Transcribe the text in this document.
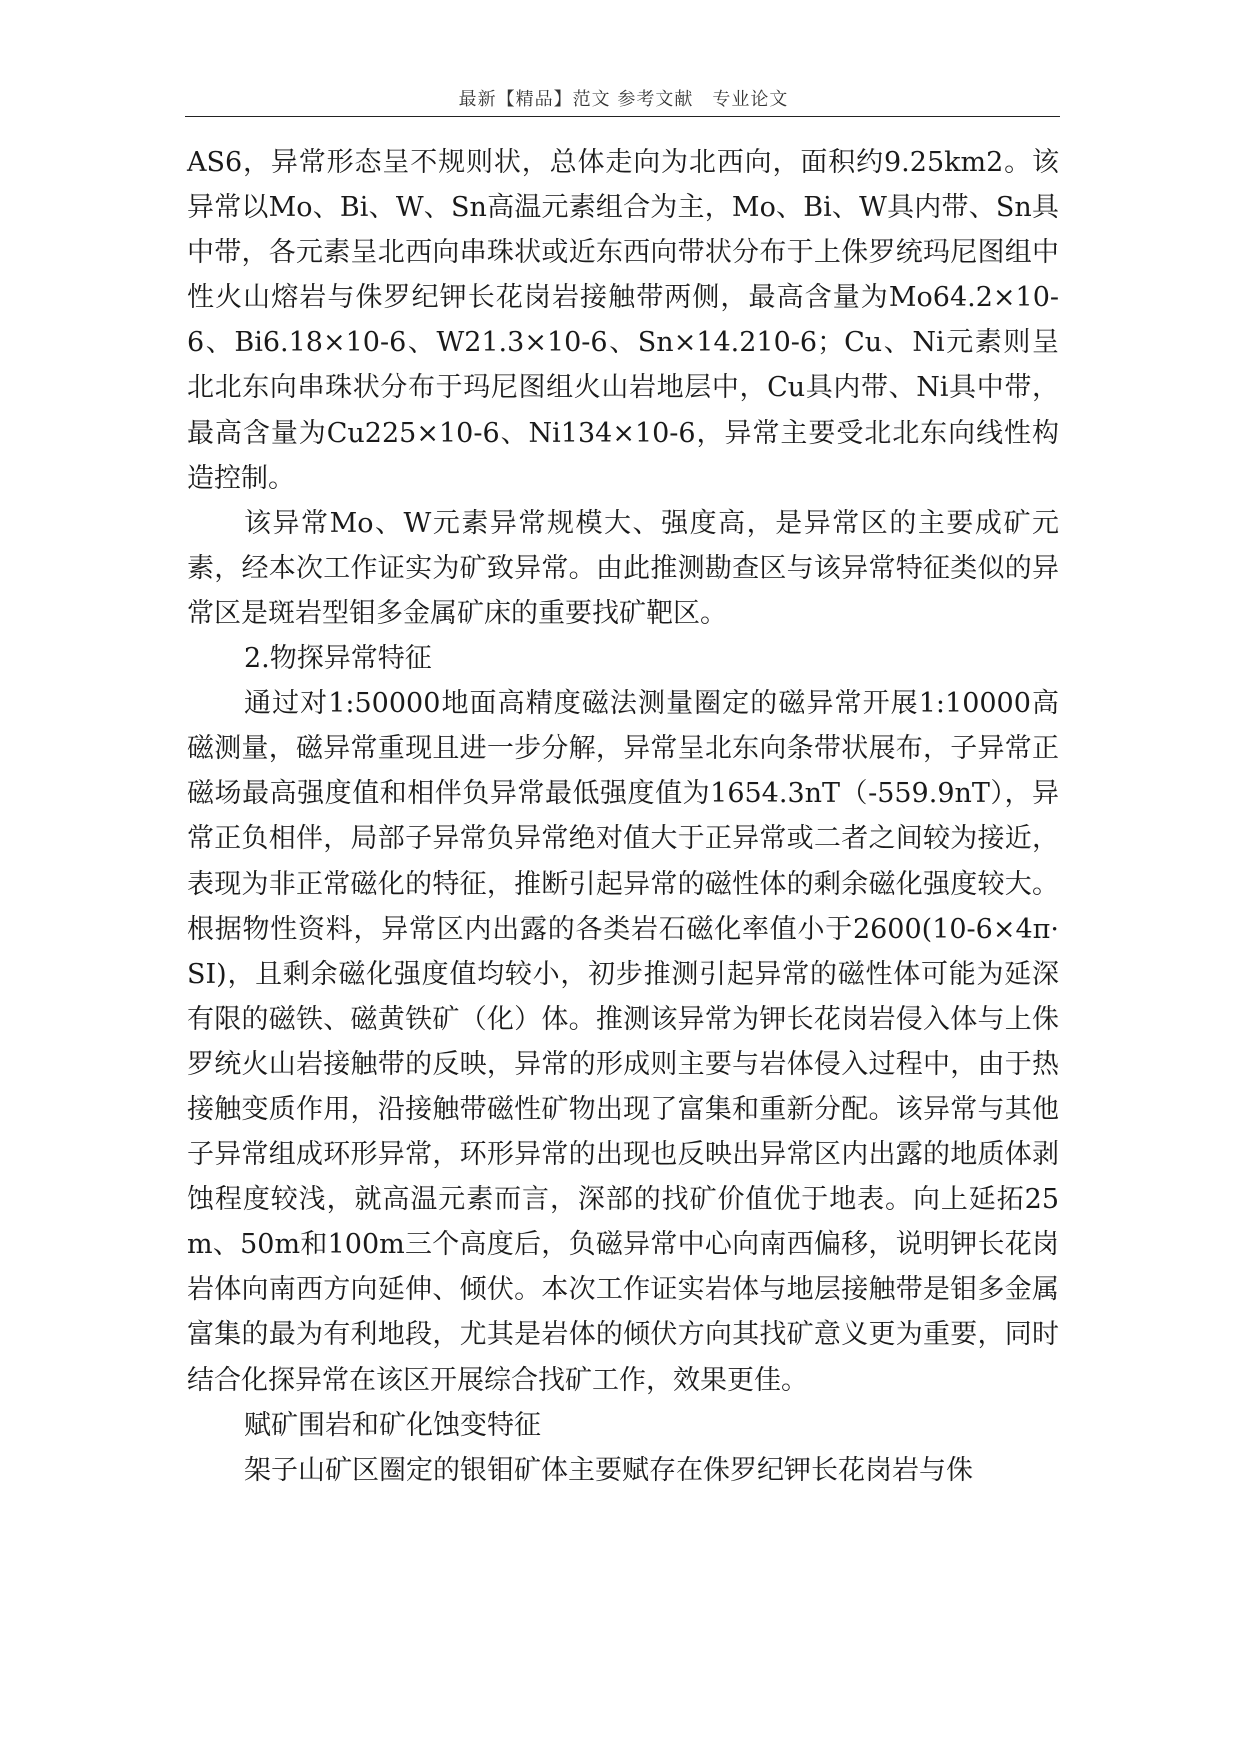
最新【精品】范文 参考文献　专业论文

AS6，异常形态呈不规则状，总体走向为北西向，面积约9.25km2。该异常以Mo、Bi、W、Sn高温元素组合为主，Mo、Bi、W具内带、Sn具中带，各元素呈北西向串珠状或近东西向带状分布于上侏罗统玛尼图组中性火山熔岩与侏罗纪钾长花岗岩接触带两侧，最高含量为Mo64.2×10-6、Bi6.18×10-6、W21.3×10-6、Sn×14.210-6；Cu、Ni元素则呈北北东向串珠状分布于玛尼图组火山岩地层中，Cu具内带、Ni具中带，最高含量为Cu225×10-6、Ni134×10-6，异常主要受北北东向线性构造控制。

该异常Mo、W元素异常规模大、强度高，是异常区的主要成矿元素，经本次工作证实为矿致异常。由此推测勘查区与该异常特征类似的异常区是斑岩型钼多金属矿床的重要找矿靶区。

2.物探异常特征

通过对1:50000地面高精度磁法测量圈定的磁异常开展1:10000高磁测量，磁异常重现且进一步分解，异常呈北东向条带状展布，子异常正磁场最高强度值和相伴负异常最低强度值为1654.3nT（-559.9nT），异常正负相伴，局部子异常负异常绝对值大于正异常或二者之间较为接近，表现为非正常磁化的特征，推断引起异常的磁性体的剩余磁化强度较大。根据物性资料，异常区内出露的各类岩石磁化率值小于2600(10-6×4π·SI)，且剩余磁化强度值均较小，初步推测引起异常的磁性体可能为延深有限的磁铁、磁黄铁矿（化）体。推测该异常为钾长花岗岩侵入体与上侏罗统火山岩接触带的反映，异常的形成则主要与岩体侵入过程中，由于热接触变质作用，沿接触带磁性矿物出现了富集和重新分配。该异常与其他子异常组成环形异常，环形异常的出现也反映出异常区内出露的地质体剥蚀程度较浅，就高温元素而言，深部的找矿价值优于地表。向上延拓25m、50m和100m三个高度后，负磁异常中心向南西偏移，说明钾长花岗岩体向南西方向延伸、倾伏。本次工作证实岩体与地层接触带是钼多金属富集的最为有利地段，尤其是岩体的倾伏方向其找矿意义更为重要，同时结合化探异常在该区开展综合找矿工作，效果更佳。

赋矿围岩和矿化蚀变特征

架子山矿区圈定的银钼矿体主要赋存在侏罗纪钾长花岗岩与侏
